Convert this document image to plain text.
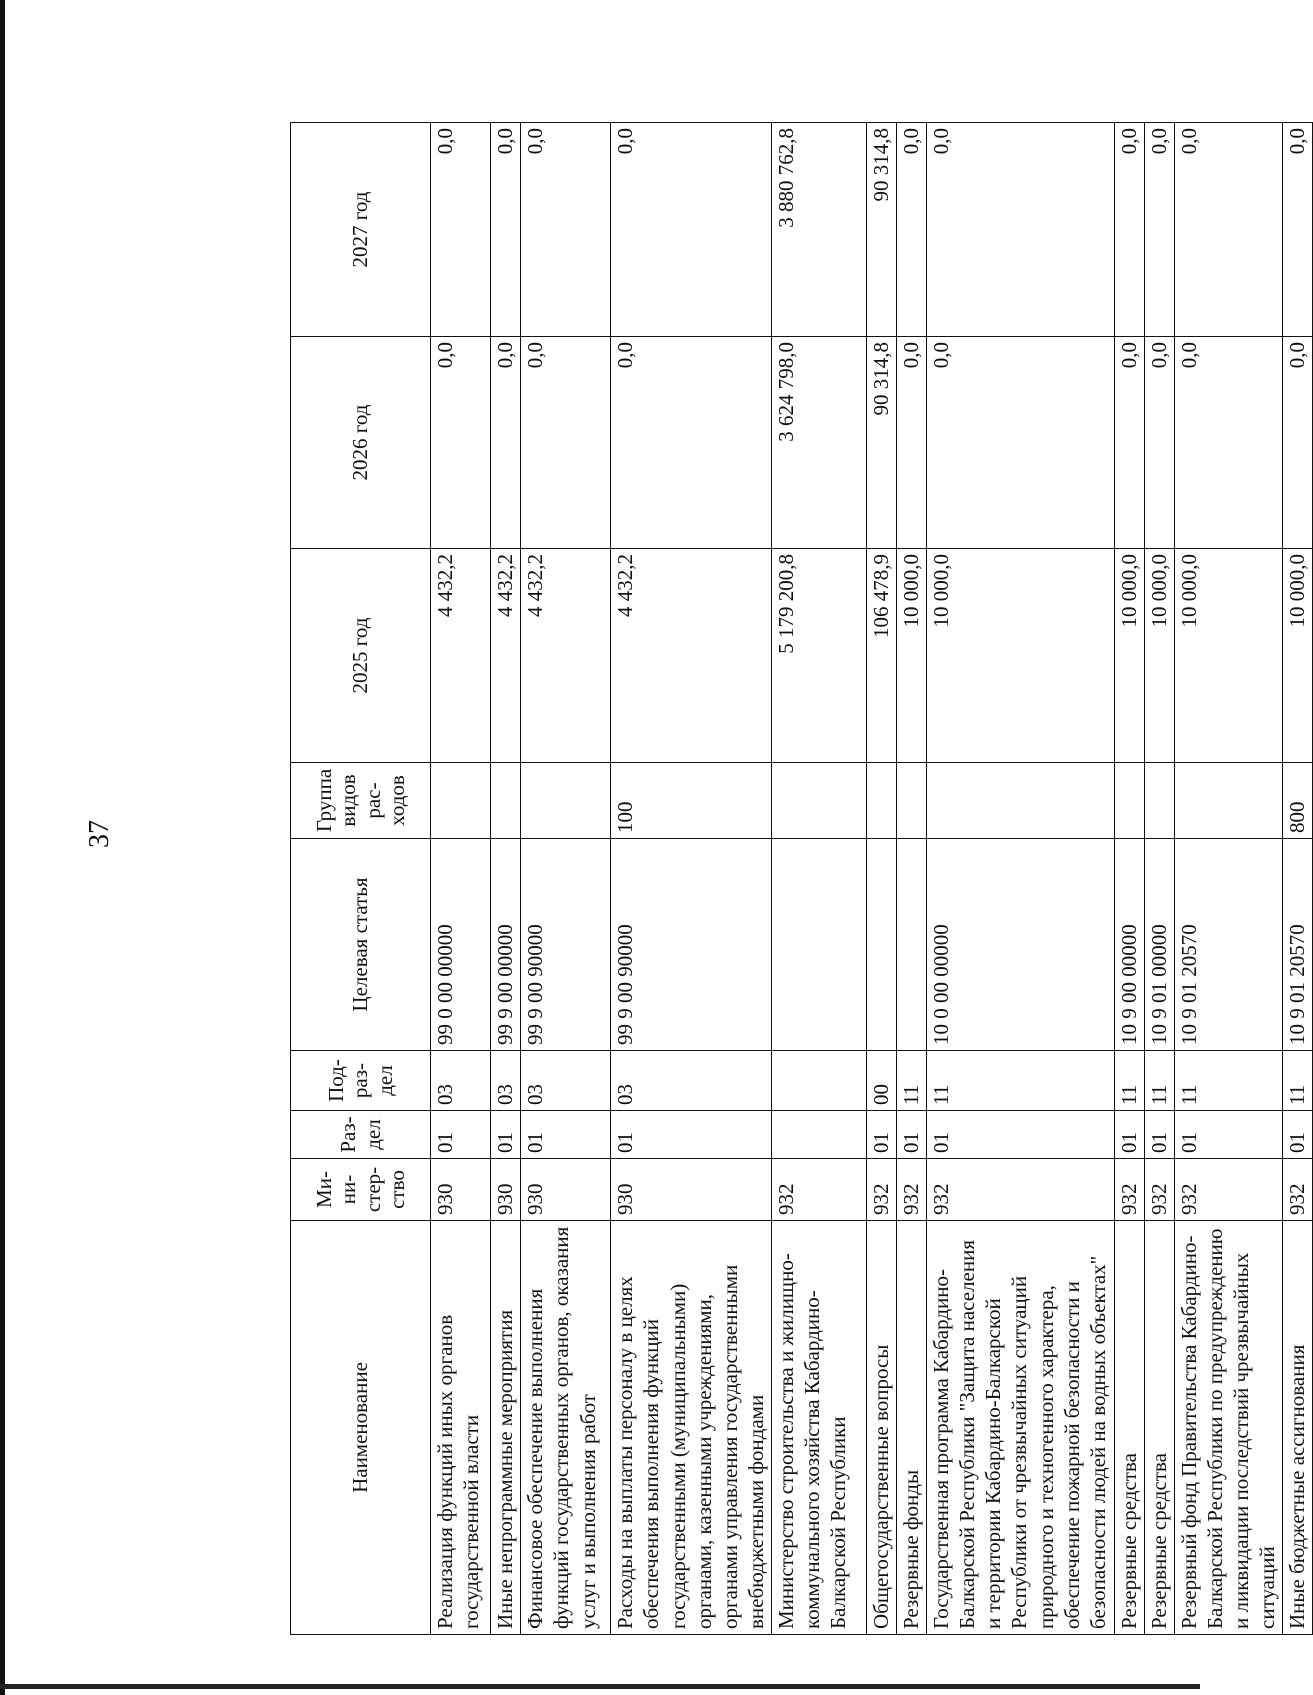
37
Наименование	Ми-
ни-
стер-
ство	Раз-
дел	Под-
раз-
дел	Целевая статья	Группа
видов
рас-
ходов	2025 год	2026 год	2027 год
Реализация функций иных органов государственной власти	930	01	03	99 0 00 00000		4 432,2	0,0	0,0
Иные непрограммные мероприятия	930	01	03	99 9 00 00000		4 432,2	0,0	0,0
Финансовое обеспечение выполнения функций государственных органов, оказания услуг и выполнения работ	930	01	03	99 9 00 90000		4 432,2	0,0	0,0
Расходы на выплаты персоналу в целях обеспечения выполнения функций государственными (муниципальными) органами, казенными учреждениями, органами управления государственными внебюджетными фондами	930	01	03	99 9 00 90000	100	4 432,2	0,0	0,0
Министерство строительства и жилищно-коммунального хозяйства Кабардино-Балкарской Республики	932					5 179 200,8	3 624 798,0	3 880 762,8
Общегосударственные вопросы	932	01	00			106 478,9	90 314,8	90 314,8
Резервные фонды	932	01	11			10 000,0	0,0	0,0
Государственная программа Кабардино-Балкарской Республики "Защита населения и территории Кабардино-Балкарской Республики от чрезвычайных ситуаций природного и техногенного характера, обеспечение пожарной безопасности и безопасности людей на водных объектах"	932	01	11	10 0 00 00000		10 000,0	0,0	0,0
Резервные средства	932	01	11	10 9 00 00000		10 000,0	0,0	0,0
Резервные средства	932	01	11	10 9 01 00000		10 000,0	0,0	0,0
Резервный фонд Правительства Кабардино-Балкарской Республики по предупреждению и ликвидации последствий чрезвычайных ситуаций	932	01	11	10 9 01 20570		10 000,0	0,0	0,0
Иные бюджетные ассигнования	932	01	11	10 9 01 20570	800	10 000,0	0,0	0,0
